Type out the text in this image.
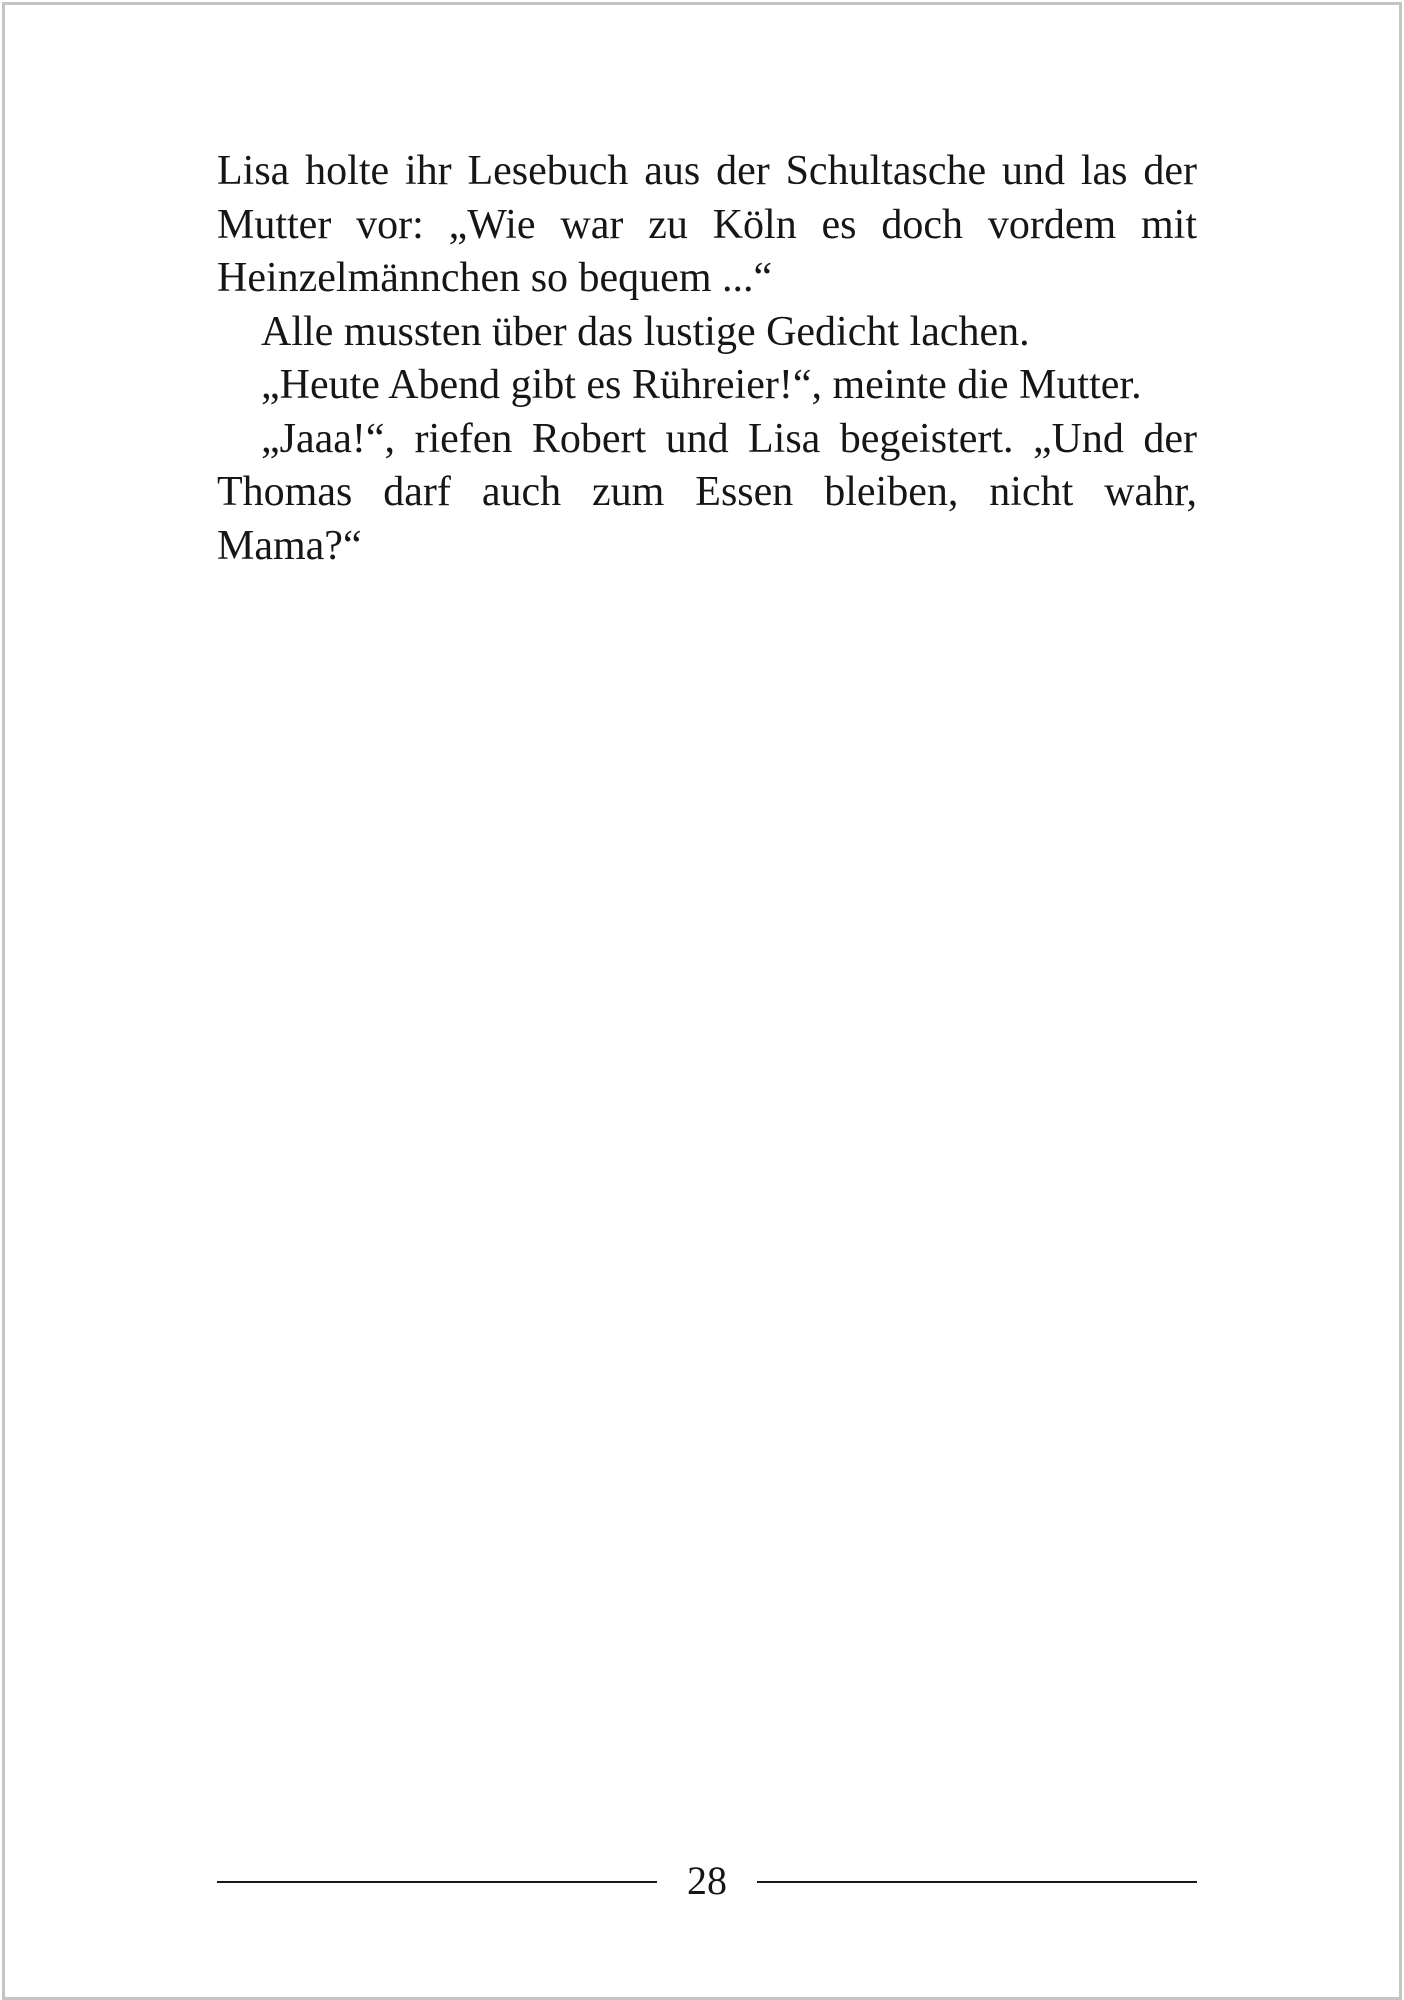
Lisa holte ihr Lesebuch aus der Schultasche und las der Mutter vor: „Wie war zu Köln es doch vordem mit Heinzelmännchen so bequem ...“

Alle mussten über das lustige Gedicht lachen.

„Heute Abend gibt es Rühreier!“, meinte die Mutter.

„Jaaa!“, riefen Robert und Lisa begeistert. „Und der Thomas darf auch zum Essen bleiben, nicht wahr, Mama?“

28
